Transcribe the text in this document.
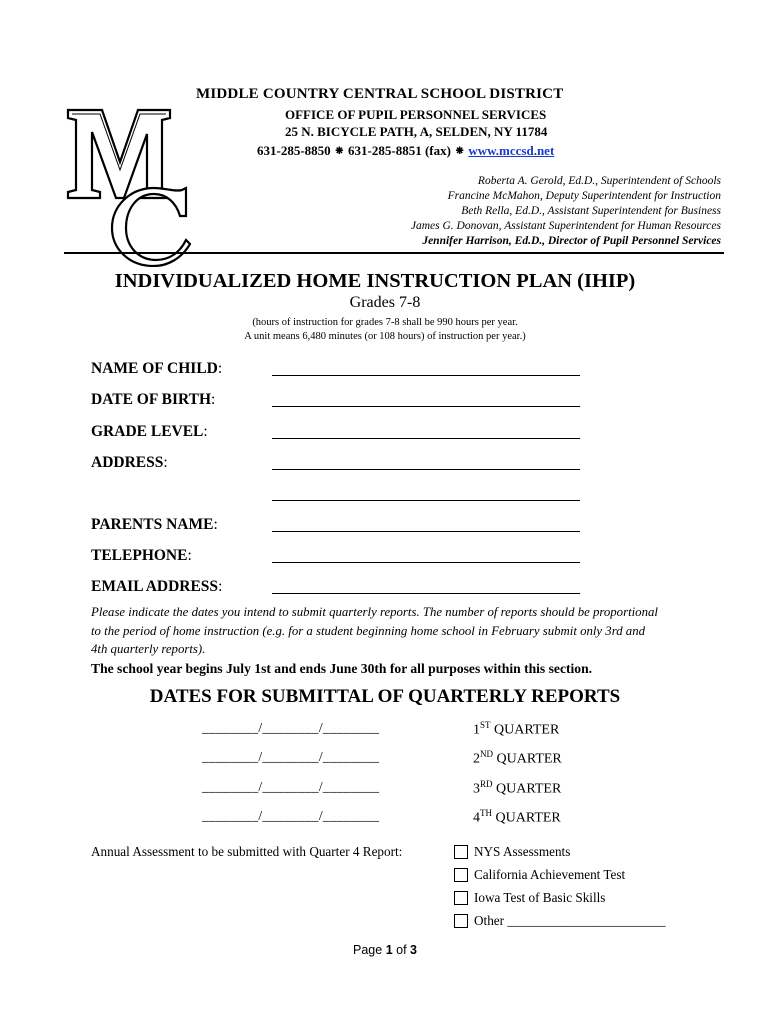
MIDDLE COUNTRY CENTRAL SCHOOL DISTRICT
OFFICE OF PUPIL PERSONNEL SERVICES
25 N. BICYCLE PATH, A, SELDEN, NY 11784
631-285-8850 ⁕ 631-285-8851 (fax) ⁕ www.mccsd.net
Roberta A. Gerold, Ed.D., Superintendent of Schools
Francine McMahon, Deputy Superintendent for Instruction
Beth Rella, Ed.D., Assistant Superintendent for Business
James G. Donovan, Assistant Superintendent for Human Resources
Jennifer Harrison, Ed.D., Director of Pupil Personnel Services
INDIVIDUALIZED HOME INSTRUCTION PLAN (IHIP)
Grades 7-8
(hours of instruction for grades 7-8 shall be 990 hours per year.
A unit means 6,480 minutes (or 108 hours) of instruction per year.)
NAME OF CHILD:
DATE OF BIRTH:
GRADE LEVEL:
ADDRESS:
PARENTS NAME:
TELEPHONE:
EMAIL ADDRESS:
Please indicate the dates you intend to submit quarterly reports. The number of reports should be proportional to the period of home instruction (e.g. for a student beginning home school in February submit only 3rd and 4th quarterly reports).
The school year begins July 1st and ends June 30th for all purposes within this section.
DATES FOR SUBMITTAL OF QUARTERLY REPORTS
________/________/________	1ST QUARTER
________/________/________	2ND QUARTER
________/________/________	3RD QUARTER
________/________/________	4TH QUARTER
Annual Assessment to be submitted with Quarter 4 Report:	NYS Assessments
California Achievement Test
Iowa Test of Basic Skills
Other ________________________
Page 1 of 3
